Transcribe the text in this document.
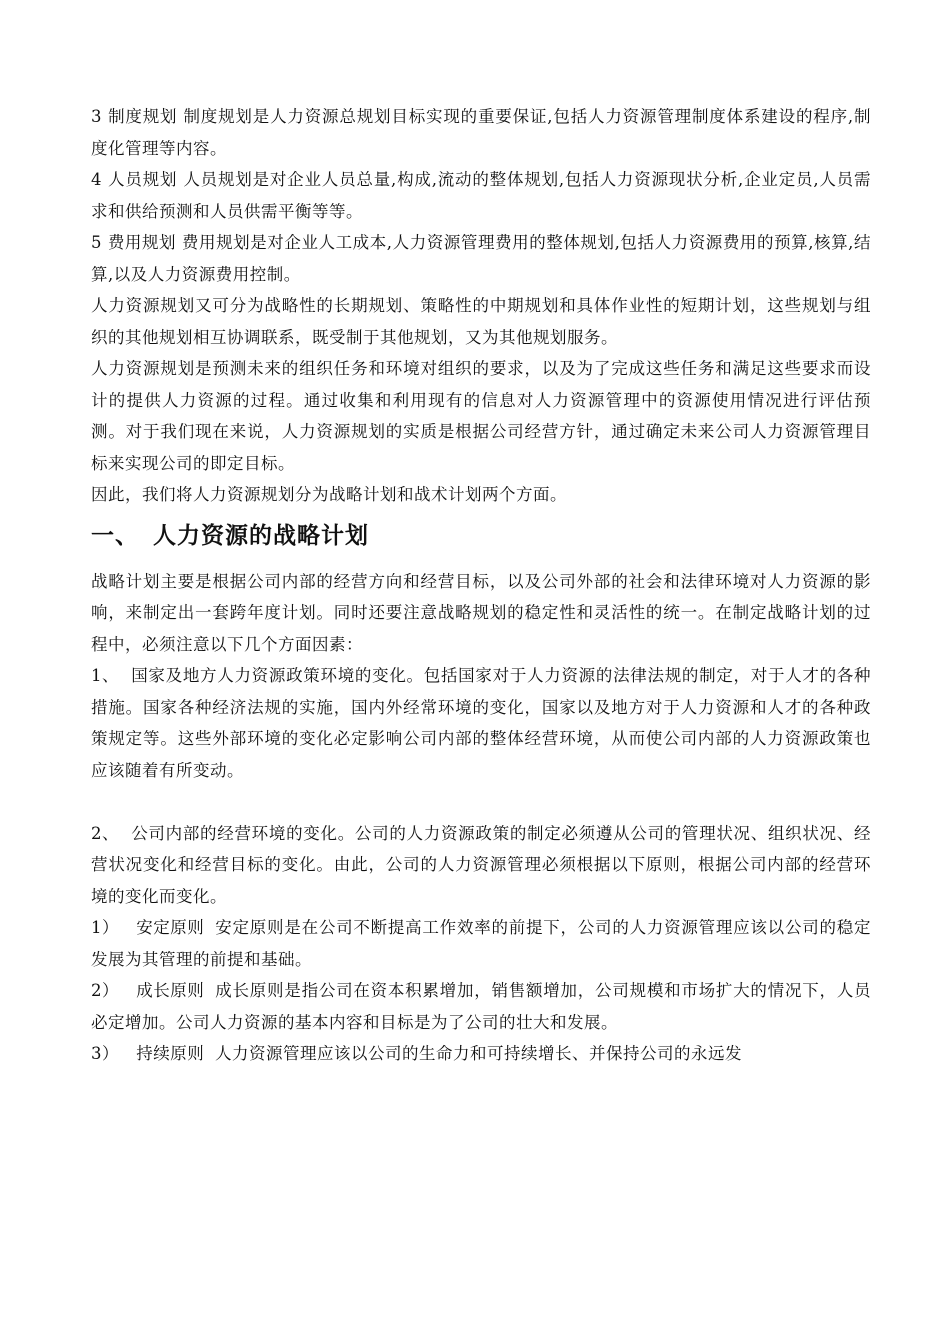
3 制度规划 制度规划是人力资源总规划目标实现的重要保证,包括人力资源管理制度体系建设的程序,制度化管理等内容。

4 人员规划 人员规划是对企业人员总量,构成,流动的整体规划,包括人力资源现状分析,企业定员,人员需求和供给预测和人员供需平衡等等。

5 费用规划 费用规划是对企业人工成本,人力资源管理费用的整体规划,包括人力资源费用的预算,核算,结算,以及人力资源费用控制。

人力资源规划又可分为战略性的长期规划、策略性的中期规划和具体作业性的短期计划，这些规划与组织的其他规划相互协调联系，既受制于其他规划，又为其他规划服务。

人力资源规划是预测未来的组织任务和环境对组织的要求，以及为了完成这些任务和满足这些要求而设计的提供人力资源的过程。通过收集和利用现有的信息对人力资源管理中的资源使用情况进行评估预测。对于我们现在来说，人力资源规划的实质是根据公司经营方针，通过确定未来公司人力资源管理目标来实现公司的即定目标。

因此，我们将人力资源规划分为战略计划和战术计划两个方面。

一、 人力资源的战略计划

战略计划主要是根据公司内部的经营方向和经营目标，以及公司外部的社会和法律环境对人力资源的影响，来制定出一套跨年度计划。同时还要注意战略规划的稳定性和灵活性的统一。在制定战略计划的过程中，必须注意以下几个方面因素：

1、 国家及地方人力资源政策环境的变化。包括国家对于人力资源的法律法规的制定，对于人才的各种措施。国家各种经济法规的实施，国内外经常环境的变化，国家以及地方对于人力资源和人才的各种政策规定等。这些外部环境的变化必定影响公司内部的整体经营环境，从而使公司内部的人力资源政策也应该随着有所变动。

2、 公司内部的经营环境的变化。公司的人力资源政策的制定必须遵从公司的管理状况、组织状况、经营状况变化和经营目标的变化。由此，公司的人力资源管理必须根据以下原则，根据公司内部的经营环境的变化而变化。

1） 安定原则 安定原则是在公司不断提高工作效率的前提下，公司的人力资源管理应该以公司的稳定发展为其管理的前提和基础。

2） 成长原则 成长原则是指公司在资本积累增加，销售额增加，公司规模和市场扩大的情况下，人员必定增加。公司人力资源的基本内容和目标是为了公司的壮大和发展。

3） 持续原则 人力资源管理应该以公司的生命力和可持续增长、并保持公司的永远发
